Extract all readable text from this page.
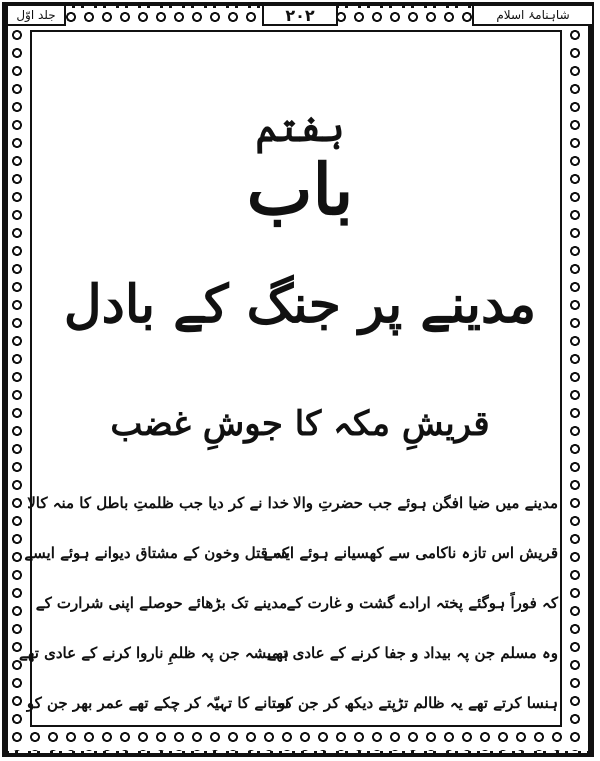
شاہنامۂ اسلام
۲۰۲
جلد اوّل
ہفتم
باب
مدینے پر جنگ کے بادل
قریشِ مکہ کا جوشِ غضب
مدینے میں ضیا افگن ہوئے جب حضرتِ والا
خدا نے کر دیا جب ظلمتِ باطل کا منہ کالا
قریش اس تازہ ناکامی سے کھسیانے ہوئے ایسے
کہ قتل وخون کے مشتاق دیوانے ہوئے ایسے
کہ فوراً ہوگئے پختہ ارادے گشت و غارت کے
مدینے تک بڑھائے حوصلے اپنی شرارت کے
وہ مسلم جن پہ بیداد و جفا کرنے کے عادی تھے
ہمیشہ جن پہ ظلمِ ناروا کرنے کے عادی تھے
ہنسا کرتے تھے یہ ظالم تڑپتے دیکھ کر جن کو
ستانے کا تہیّہ کر چکے تھے عمر بھر جن کو
